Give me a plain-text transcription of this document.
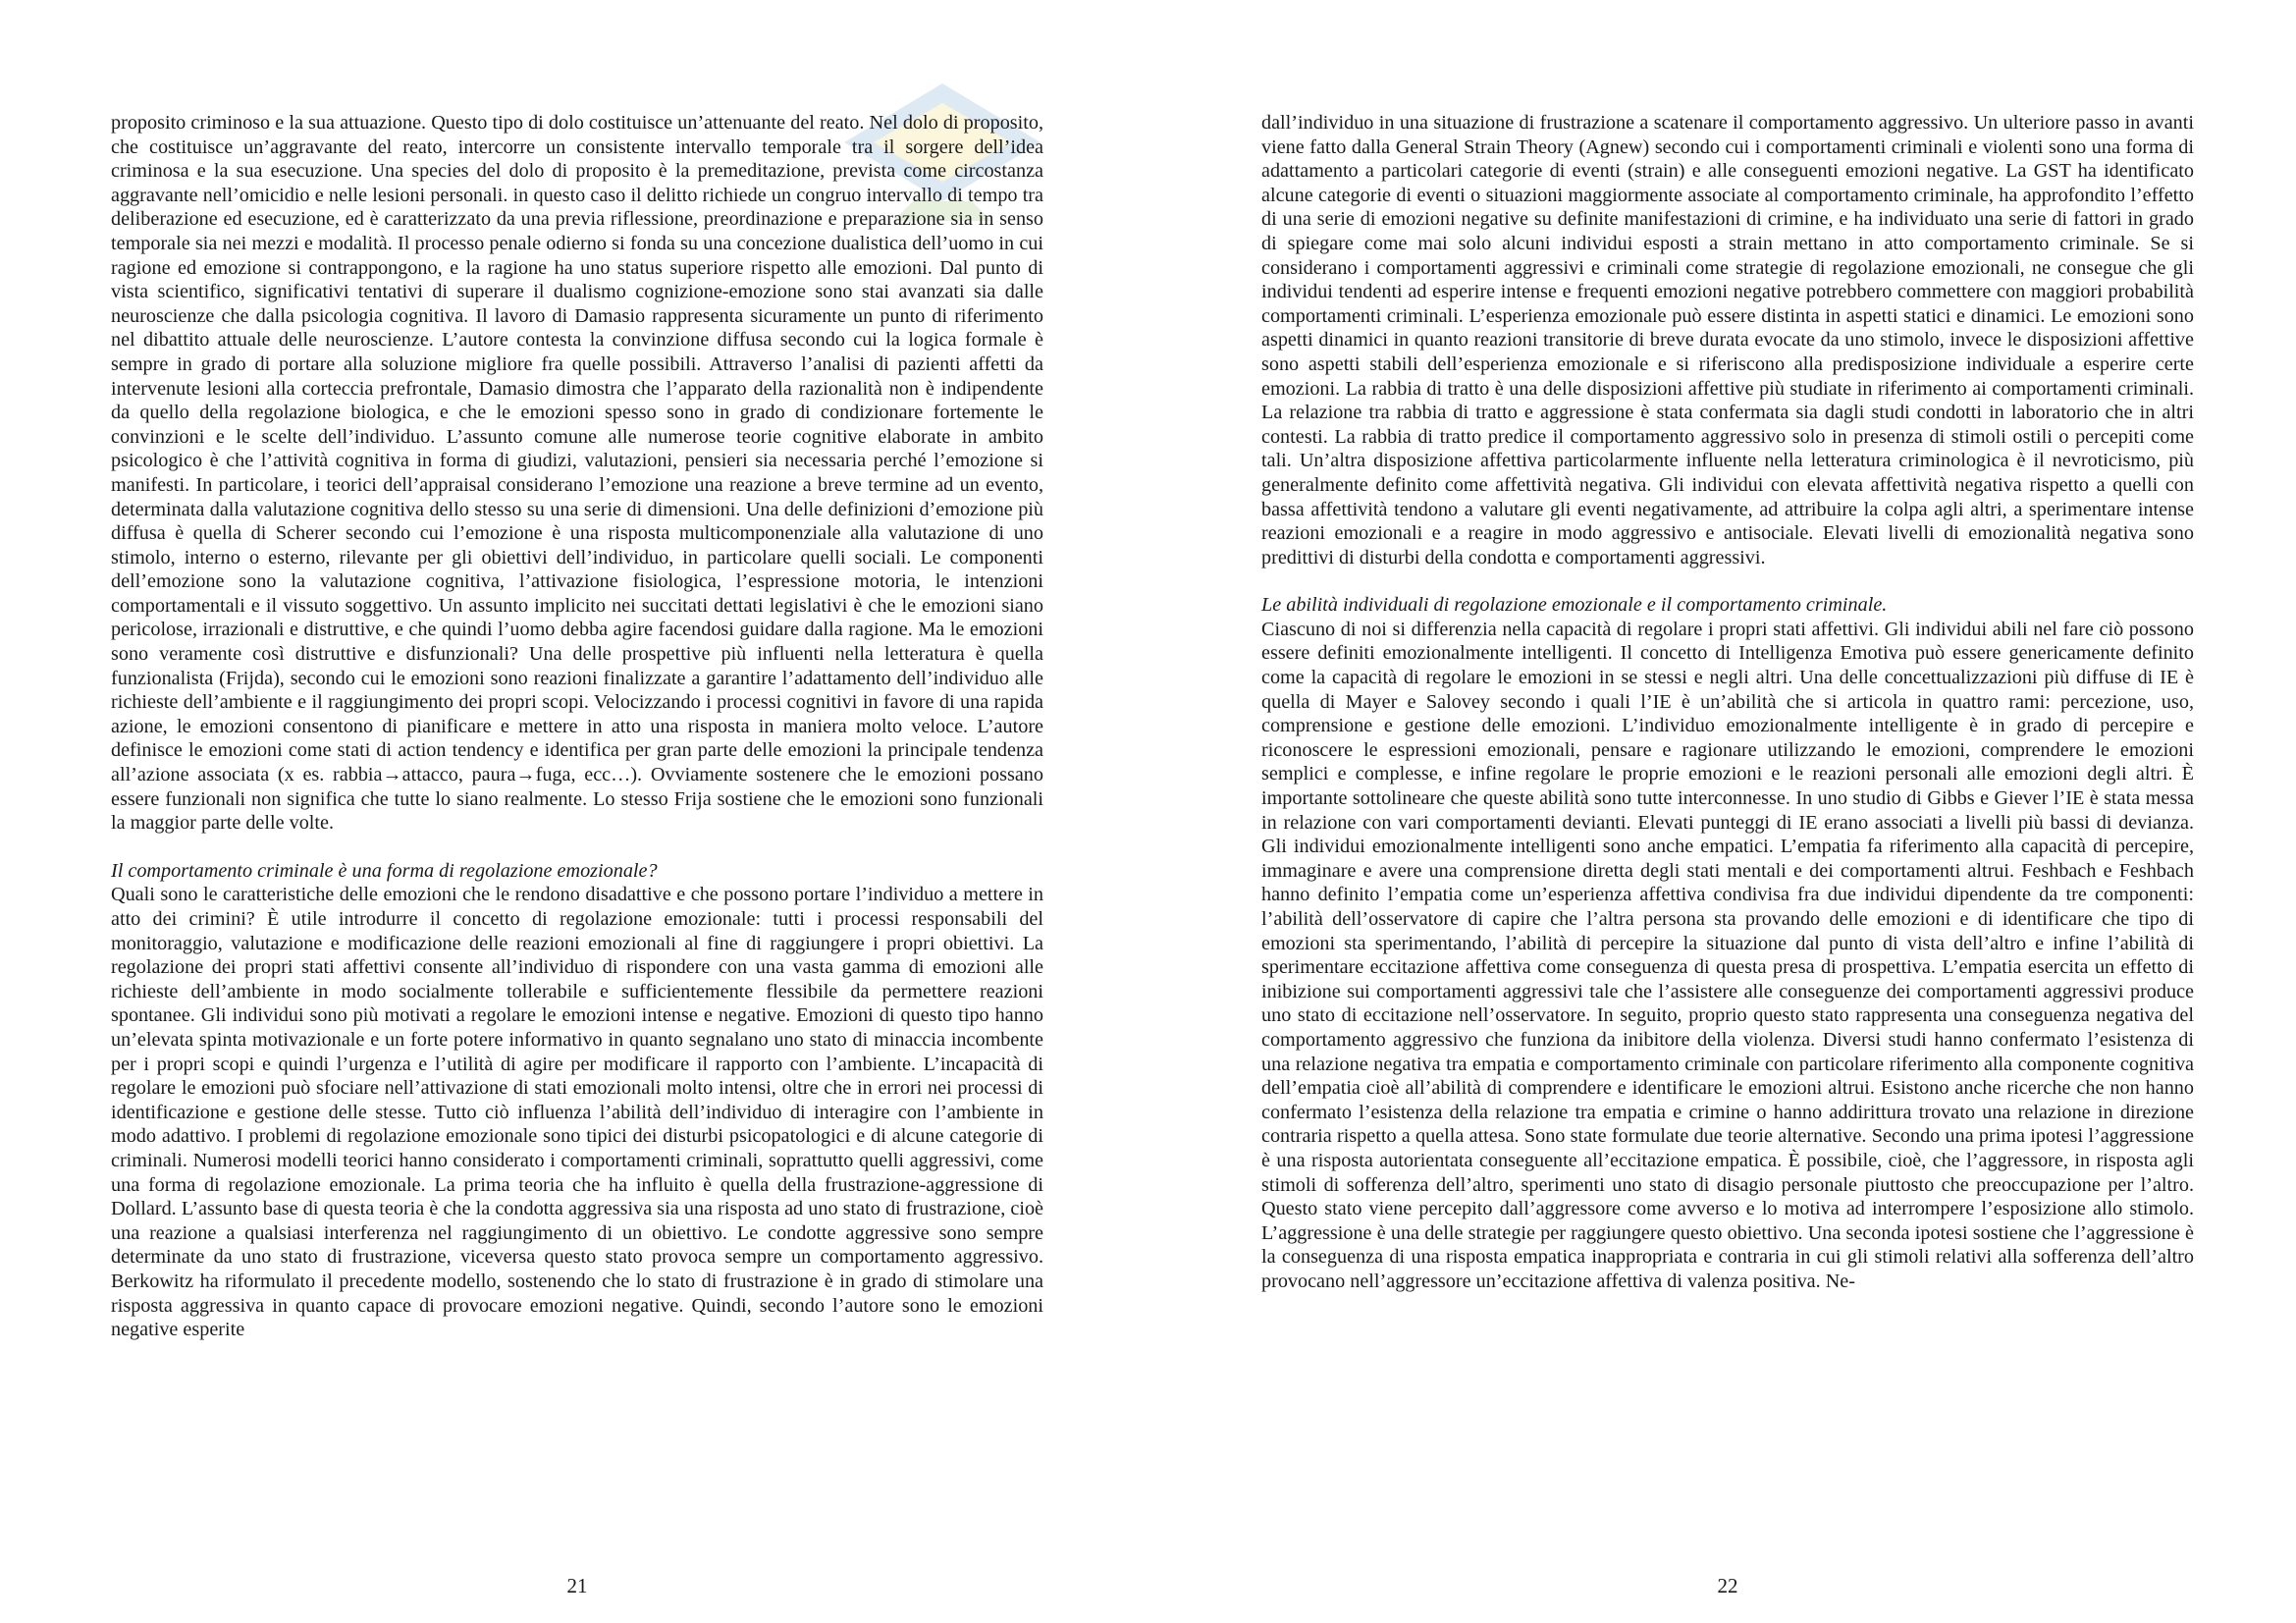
proposito criminoso e la sua attuazione. Questo tipo di dolo costituisce un’attenuante del reato. Nel dolo di proposito, che costituisce un’aggravante del reato, intercorre un consistente intervallo temporale tra il sorgere dell’idea criminosa e la sua esecuzione. Una species del dolo di proposito è la premeditazione, prevista come circostanza aggravante nell’omicidio e nelle lesioni personali. in questo caso il delitto richiede un congruo intervallo di tempo tra deliberazione ed esecuzione, ed è caratterizzato da una previa riflessione, preordinazione e preparazione sia in senso temporale sia nei mezzi e modalità. Il processo penale odierno si fonda su una concezione dualistica dell’uomo in cui ragione ed emozione si contrappongono, e la ragione ha uno status superiore rispetto alle emozioni. Dal punto di vista scientifico, significativi tentativi di superare il dualismo cognizione-emozione sono stai avanzati sia dalle neuroscienze che dalla psicologia cognitiva. Il lavoro di Damasio rappresenta sicuramente un punto di riferimento nel dibattito attuale delle neuroscienze. L’autore contesta la convinzione diffusa secondo cui la logica formale è sempre in grado di portare alla soluzione migliore fra quelle possibili. Attraverso l’analisi di pazienti affetti da intervenute lesioni alla corteccia prefrontale, Damasio dimostra che l’apparato della razionalità non è indipendente da quello della regolazione biologica, e che le emozioni spesso sono in grado di condizionare fortemente le convinzioni e le scelte dell’individuo. L’assunto comune alle numerose teorie cognitive elaborate in ambito psicologico è che l’attività cognitiva in forma di giudizi, valutazioni, pensieri sia necessaria perché l’emozione si manifesti. In particolare, i teorici dell’appraisal considerano l’emozione una reazione a breve termine ad un evento, determinata dalla valutazione cognitiva dello stesso su una serie di dimensioni. Una delle definizioni d’emozione più diffusa è quella di Scherer secondo cui l’emozione è una risposta multicomponenziale alla valutazione di uno stimolo, interno o esterno, rilevante per gli obiettivi dell’individuo, in particolare quelli sociali. Le componenti dell’emozione sono la valutazione cognitiva, l’attivazione fisiologica, l’espressione motoria, le intenzioni comportamentali e il vissuto soggettivo. Un assunto implicito nei succitati dettati legislativi è che le emozioni siano pericolose, irrazionali e distruttive, e che quindi l’uomo debba agire facendosi guidare dalla ragione. Ma le emozioni sono veramente così distruttive e disfunzionali? Una delle prospettive più influenti nella letteratura è quella funzionalista (Frijda), secondo cui le emozioni sono reazioni finalizzate a garantire l’adattamento dell’individuo alle richieste dell’ambiente e il raggiungimento dei propri scopi. Velocizzando i processi cognitivi in favore di una rapida azione, le emozioni consentono di pianificare e mettere in atto una risposta in maniera molto veloce. L’autore definisce le emozioni come stati di action tendency e identifica per gran parte delle emozioni la principale tendenza all’azione associata (x es. rabbia→attacco, paura→fuga, ecc…). Ovviamente sostenere che le emozioni possano essere funzionali non significa che tutte lo siano realmente. Lo stesso Frija sostiene che le emozioni sono funzionali la maggior parte delle volte.

Il comportamento criminale è una forma di regolazione emozionale?

Quali sono le caratteristiche delle emozioni che le rendono disadattive e che possono portare l’individuo a mettere in atto dei crimini? È utile introdurre il concetto di regolazione emozionale: tutti i processi responsabili del monitoraggio, valutazione e modificazione delle reazioni emozionali al fine di raggiungere i propri obiettivi. La regolazione dei propri stati affettivi consente all’individuo di rispondere con una vasta gamma di emozioni alle richieste dell’ambiente in modo socialmente tollerabile e sufficientemente flessibile da permettere reazioni spontanee. Gli individui sono più motivati a regolare le emozioni intense e negative. Emozioni di questo tipo hanno un’elevata spinta motivazionale e un forte potere informativo in quanto segnalano uno stato di minaccia incombente per i propri scopi e quindi l’urgenza e l’utilità di agire per modificare il rapporto con l’ambiente. L’incapacità di regolare le emozioni può sfociare nell’attivazione di stati emozionali molto intensi, oltre che in errori nei processi di identificazione e gestione delle stesse. Tutto ciò influenza l’abilità dell’individuo di interagire con l’ambiente in modo adattivo. I problemi di regolazione emozionale sono tipici dei disturbi psicopatologici e di alcune categorie di criminali. Numerosi modelli teorici hanno considerato i comportamenti criminali, soprattutto quelli aggressivi, come una forma di regolazione emozionale. La prima teoria che ha influito è quella della frustrazione-aggressione di Dollard. L’assunto base di questa teoria è che la condotta aggressiva sia una risposta ad uno stato di frustrazione, cioè una reazione a qualsiasi interferenza nel raggiungimento di un obiettivo. Le condotte aggressive sono sempre determinate da uno stato di frustrazione, viceversa questo stato provoca sempre un comportamento aggressivo. Berkowitz ha riformulato il precedente modello, sostenendo che lo stato di frustrazione è in grado di stimolare una risposta aggressiva in quanto capace di provocare emozioni negative. Quindi, secondo l’autore sono le emozioni negative esperite

dall’individuo in una situazione di frustrazione a scatenare il comportamento aggressivo. Un ulteriore passo in avanti viene fatto dalla General Strain Theory (Agnew) secondo cui i comportamenti criminali e violenti sono una forma di adattamento a particolari categorie di eventi (strain) e alle conseguenti emozioni negative. La GST ha identificato alcune categorie di eventi o situazioni maggiormente associate al comportamento criminale, ha approfondito l’effetto di una serie di emozioni negative su definite manifestazioni di crimine, e ha individuato una serie di fattori in grado di spiegare come mai solo alcuni individui esposti a strain mettano in atto comportamento criminale. Se si considerano i comportamenti aggressivi e criminali come strategie di regolazione emozionali, ne consegue che gli individui tendenti ad esperire intense e frequenti emozioni negative potrebbero commettere con maggiori probabilità comportamenti criminali. L’esperienza emozionale può essere distinta in aspetti statici e dinamici. Le emozioni sono aspetti dinamici in quanto reazioni transitorie di breve durata evocate da uno stimolo, invece le disposizioni affettive sono aspetti stabili dell’esperienza emozionale e si riferiscono alla predisposizione individuale a esperire certe emozioni. La rabbia di tratto è una delle disposizioni affettive più studiate in riferimento ai comportamenti criminali. La relazione tra rabbia di tratto e aggressione è stata confermata sia dagli studi condotti in laboratorio che in altri contesti. La rabbia di tratto predice il comportamento aggressivo solo in presenza di stimoli ostili o percepiti come tali. Un’altra disposizione affettiva particolarmente influente nella letteratura criminologica è il nevroticismo, più generalmente definito come affettività negativa. Gli individui con elevata affettività negativa rispetto a quelli con bassa affettività tendono a valutare gli eventi negativamente, ad attribuire la colpa agli altri, a sperimentare intense reazioni emozionali e a reagire in modo aggressivo e antisociale. Elevati livelli di emozionalità negativa sono predittivi di disturbi della condotta e comportamenti aggressivi.

Le abilità individuali di regolazione emozionale e il comportamento criminale.

Ciascuno di noi si differenzia nella capacità di regolare i propri stati affettivi. Gli individui abili nel fare ciò possono essere definiti emozionalmente intelligenti. Il concetto di Intelligenza Emotiva può essere genericamente definito come la capacità di regolare le emozioni in se stessi e negli altri. Una delle concettualizzazioni più diffuse di IE è quella di Mayer e Salovey secondo i quali l’IE è un’abilità che si articola in quattro rami: percezione, uso, comprensione e gestione delle emozioni. L’individuo emozionalmente intelligente è in grado di percepire e riconoscere le espressioni emozionali, pensare e ragionare utilizzando le emozioni, comprendere le emozioni semplici e complesse, e infine regolare le proprie emozioni e le reazioni personali alle emozioni degli altri. È importante sottolineare che queste abilità sono tutte interconnesse. In uno studio di Gibbs e Giever l’IE è stata messa in relazione con vari comportamenti devianti. Elevati punteggi di IE erano associati a livelli più bassi di devianza. Gli individui emozionalmente intelligenti sono anche empatici. L’empatia fa riferimento alla capacità di percepire, immaginare e avere una comprensione diretta degli stati mentali e dei comportamenti altrui. Feshbach e Feshbach hanno definito l’empatia come un’esperienza affettiva condivisa fra due individui dipendente da tre componenti: l’abilità dell’osservatore di capire che l’altra persona sta provando delle emozioni e di identificare che tipo di emozioni sta sperimentando, l’abilità di percepire la situazione dal punto di vista dell’altro e infine l’abilità di sperimentare eccitazione affettiva come conseguenza di questa presa di prospettiva. L’empatia esercita un effetto di inibizione sui comportamenti aggressivi tale che l’assistere alle conseguenze dei comportamenti aggressivi produce uno stato di eccitazione nell’osservatore. In seguito, proprio questo stato rappresenta una conseguenza negativa del comportamento aggressivo che funziona da inibitore della violenza. Diversi studi hanno confermato l’esistenza di una relazione negativa tra empatia e comportamento criminale con particolare riferimento alla componente cognitiva dell’empatia cioè all’abilità di comprendere e identificare le emozioni altrui. Esistono anche ricerche che non hanno confermato l’esistenza della relazione tra empatia e crimine o hanno addirittura trovato una relazione in direzione contraria rispetto a quella attesa. Sono state formulate due teorie alternative. Secondo una prima ipotesi l’aggressione è una risposta autorientata conseguente all’eccitazione empatica. È possibile, cioè, che l’aggressore, in risposta agli stimoli di sofferenza dell’altro, sperimenti uno stato di disagio personale piuttosto che preoccupazione per l’altro. Questo stato viene percepito dall’aggressore come avverso e lo motiva ad interrompere l’esposizione allo stimolo. L’aggressione è una delle strategie per raggiungere questo obiettivo. Una seconda ipotesi sostiene che l’aggressione è la conseguenza di una risposta empatica inappropriata e contraria in cui gli stimoli relativi alla sofferenza dell’altro provocano nell’aggressore un’eccitazione affettiva di valenza positiva. Ne-

21	22
